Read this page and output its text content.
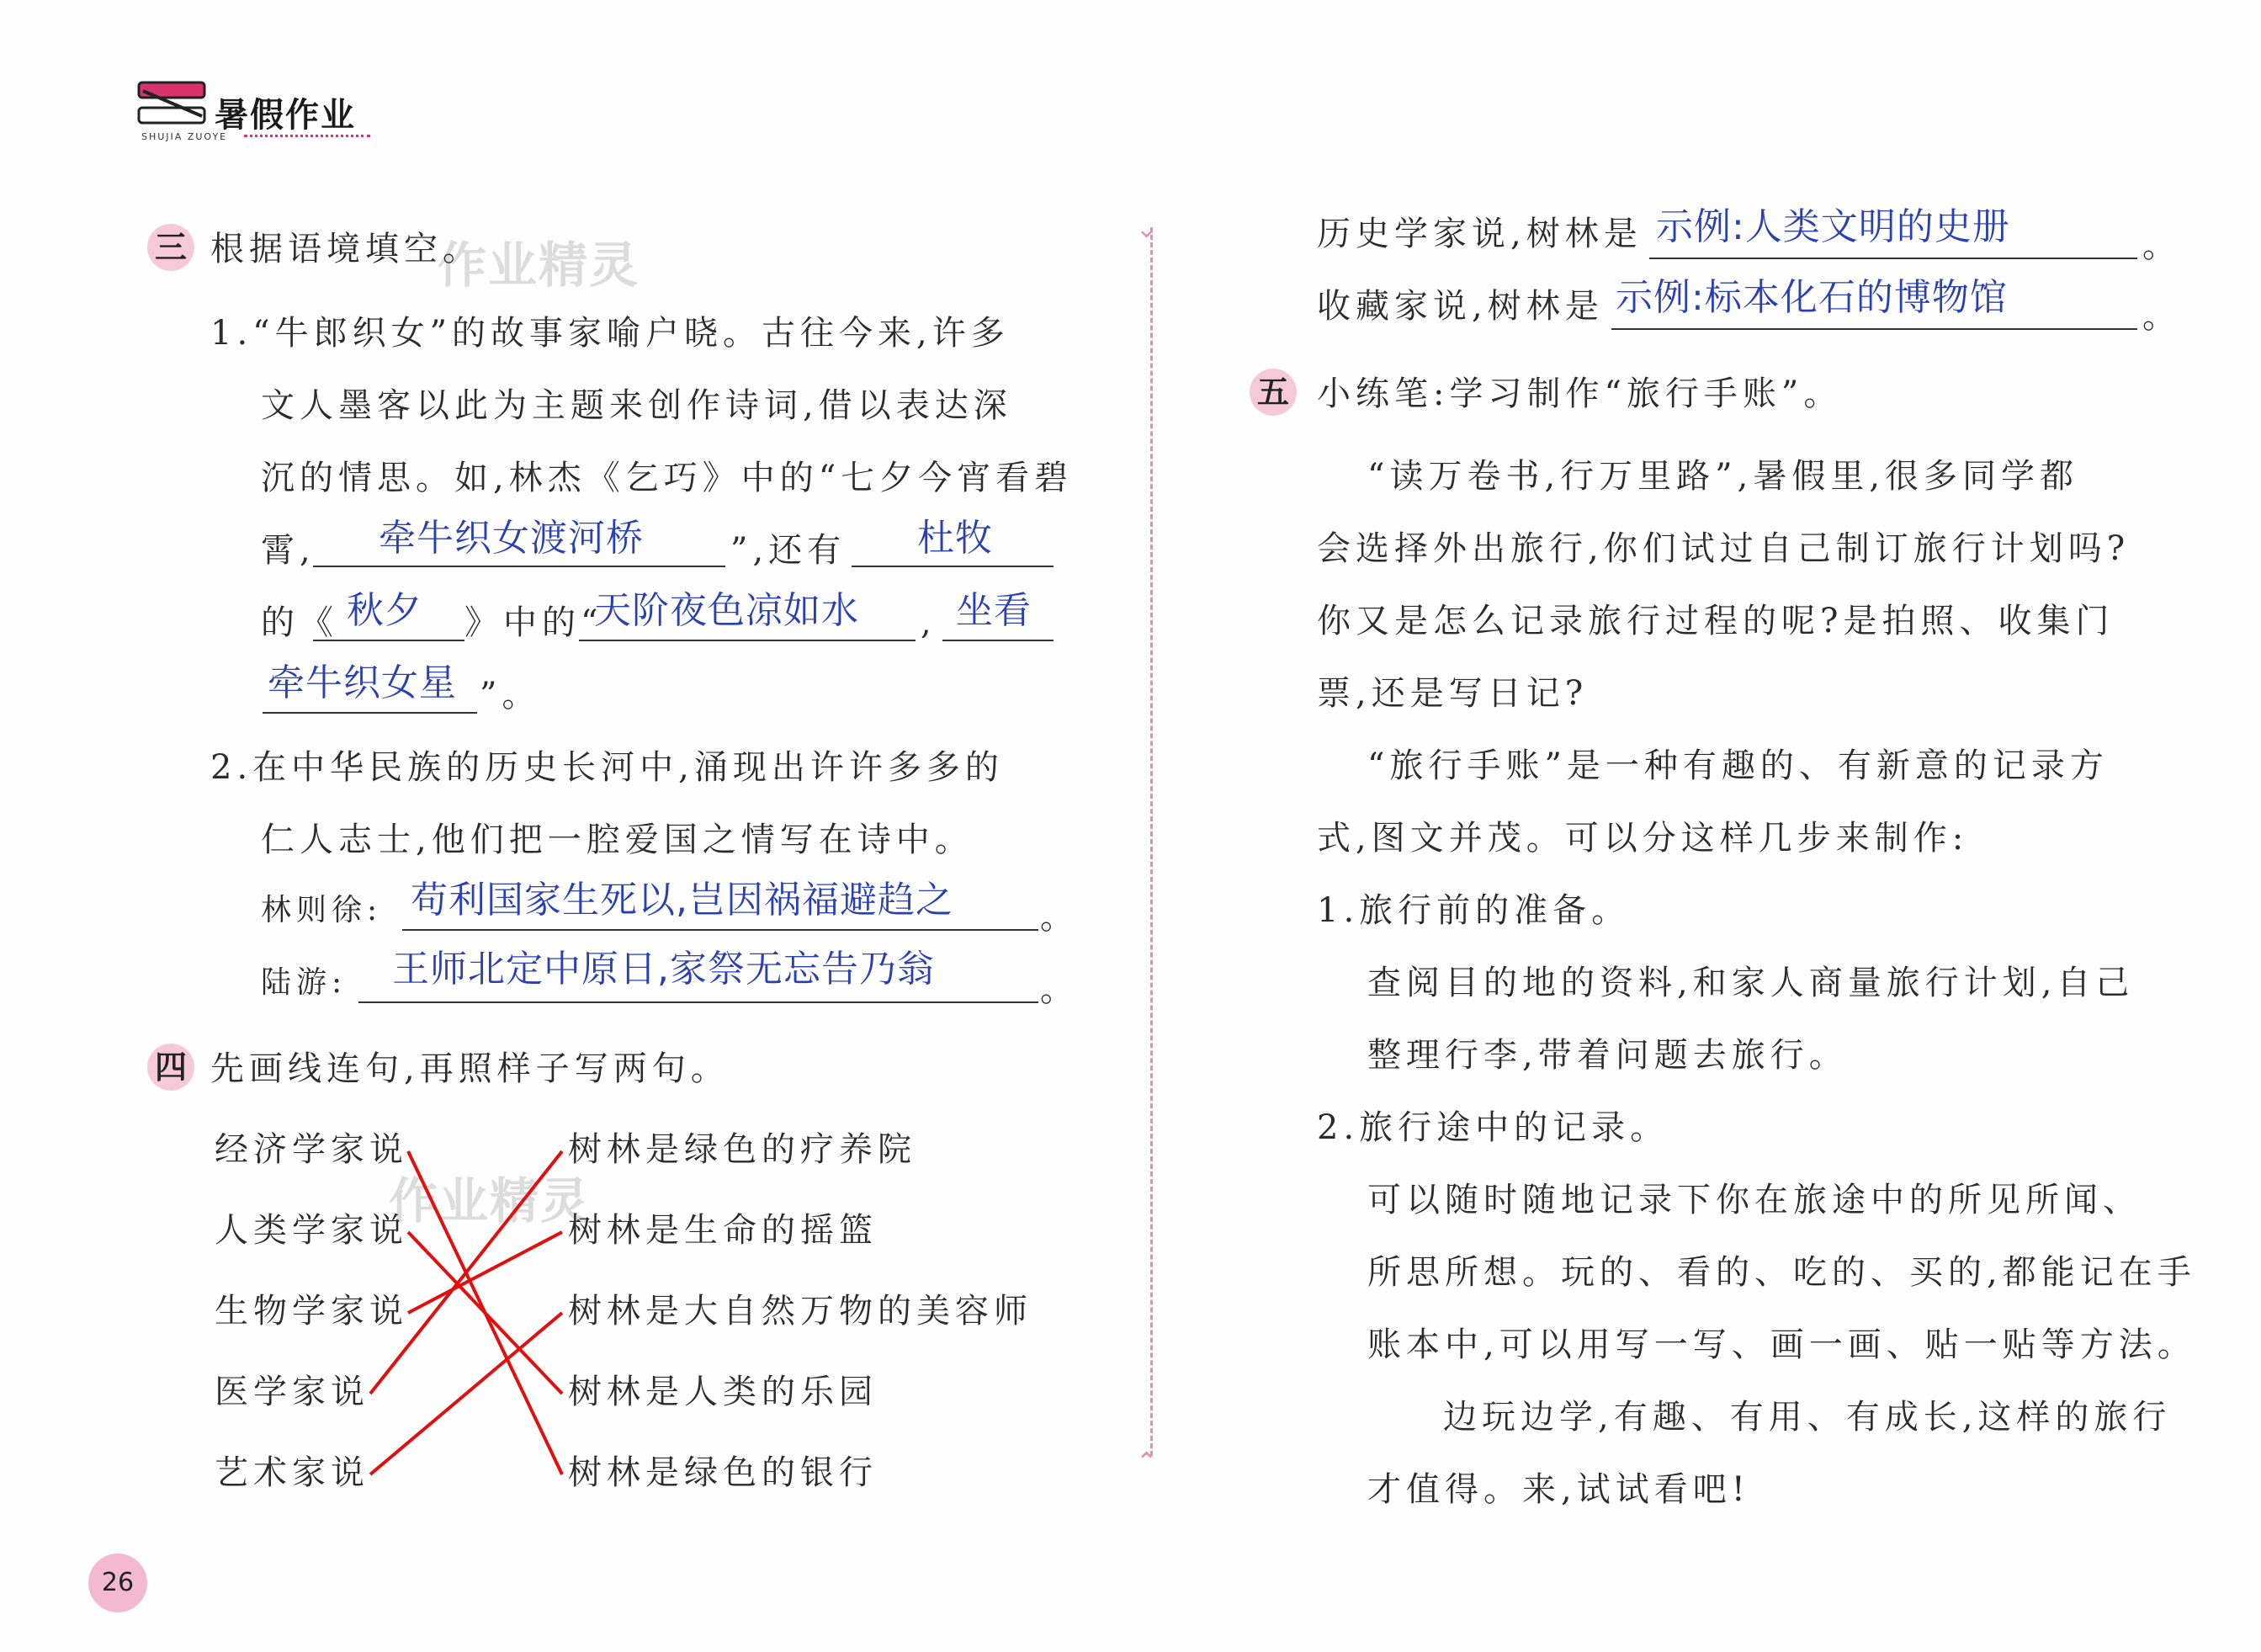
暑假作业
SHUJIA ZUOYE
⌄
⌃
作业精灵
作业精灵
三 根据语境填空。
1.“牛郎织女”的故事家喻户晓。古往今来,许多
文人墨客以此为主题来创作诗词,借以表达深
沉的情思。如,林杰《乞巧》中的“七夕今宵看碧
霄, 牵牛织女渡河桥	”,还有 杜牧
的《 秋夕 》中的“
天阶夜色凉如水 , 坐看
牵牛织女星 ”。
2.在中华民族的历史长河中,涌现出许许多多的
仁人志士,他们把一腔爱国之情写在诗中。
林则徐: 苟利国家生死以,岂因祸福避趋之	。
陆游: 王师北定中原日,家祭无忘告乃翁	。
四 先画线连句,再照样子写两句。
经济学家说
人类学家说
生物学家说
医学家说
艺术家说
树林是绿色的疗养院
树林是生命的摇篮
树林是大自然万物的美容师
树林是人类的乐园
树林是绿色的银行
历史学家说,树林是 示例:人类文明的史册	。
收藏家说,树林是 示例:标本化石的博物馆	。
五 小练笔:学习制作“旅行手账”。
“读万卷书,行万里路”,暑假里,很多同学都
会选择外出旅行,你们试过自己制订旅行计划吗?
你又是怎么记录旅行过程的呢?是拍照、收集门
票,还是写日记?
“旅行手账”是一种有趣的、有新意的记录方
式,图文并茂。可以分这样几步来制作:
1.旅行前的准备。
查阅目的地的资料,和家人商量旅行计划,自己
整理行李,带着问题去旅行。
2.旅行途中的记录。
可以随时随地记录下你在旅途中的所见所闻、
所思所想。玩的、看的、吃的、买的,都能记在手
账本中,可以用写一写、画一画、贴一贴等方法。
边玩边学,有趣、有用、有成长,这样的旅行
才值得。来,试试看吧!
26
